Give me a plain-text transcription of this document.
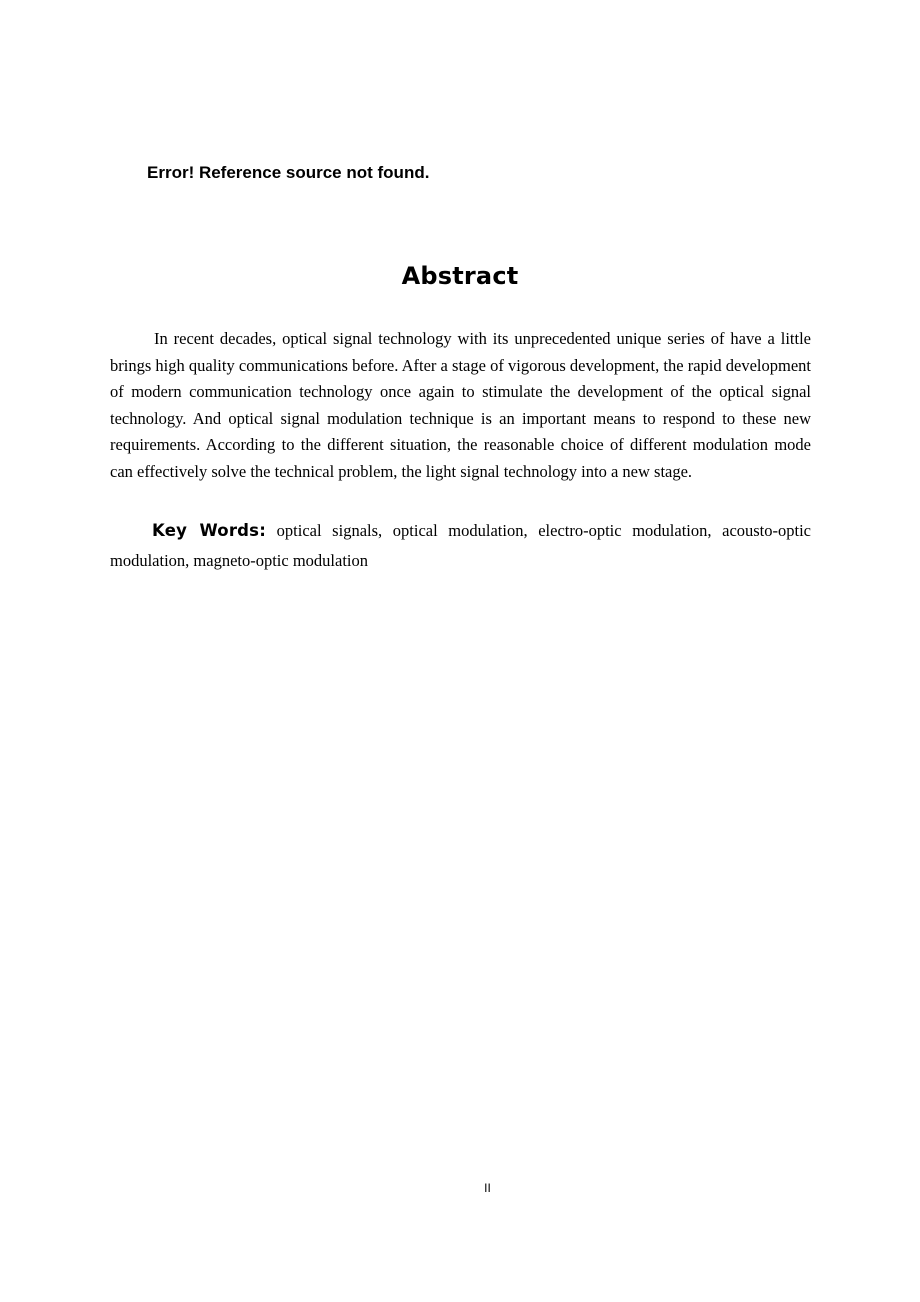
Error! Reference source not found.
Abstract

In recent decades, optical signal technology with its unprecedented unique series of have a little brings high quality communications before. After a stage of vigorous development, the rapid development of modern communication technology once again to stimulate the development of the optical signal technology. And optical signal modulation technique is an important means to respond to these new requirements. According to the different situation, the reasonable choice of different modulation mode can effectively solve the technical problem, the light signal technology into a new stage.

Key Words: optical signals, optical modulation, electro-optic modulation, acousto-optic modulation, magneto-optic modulation

II
